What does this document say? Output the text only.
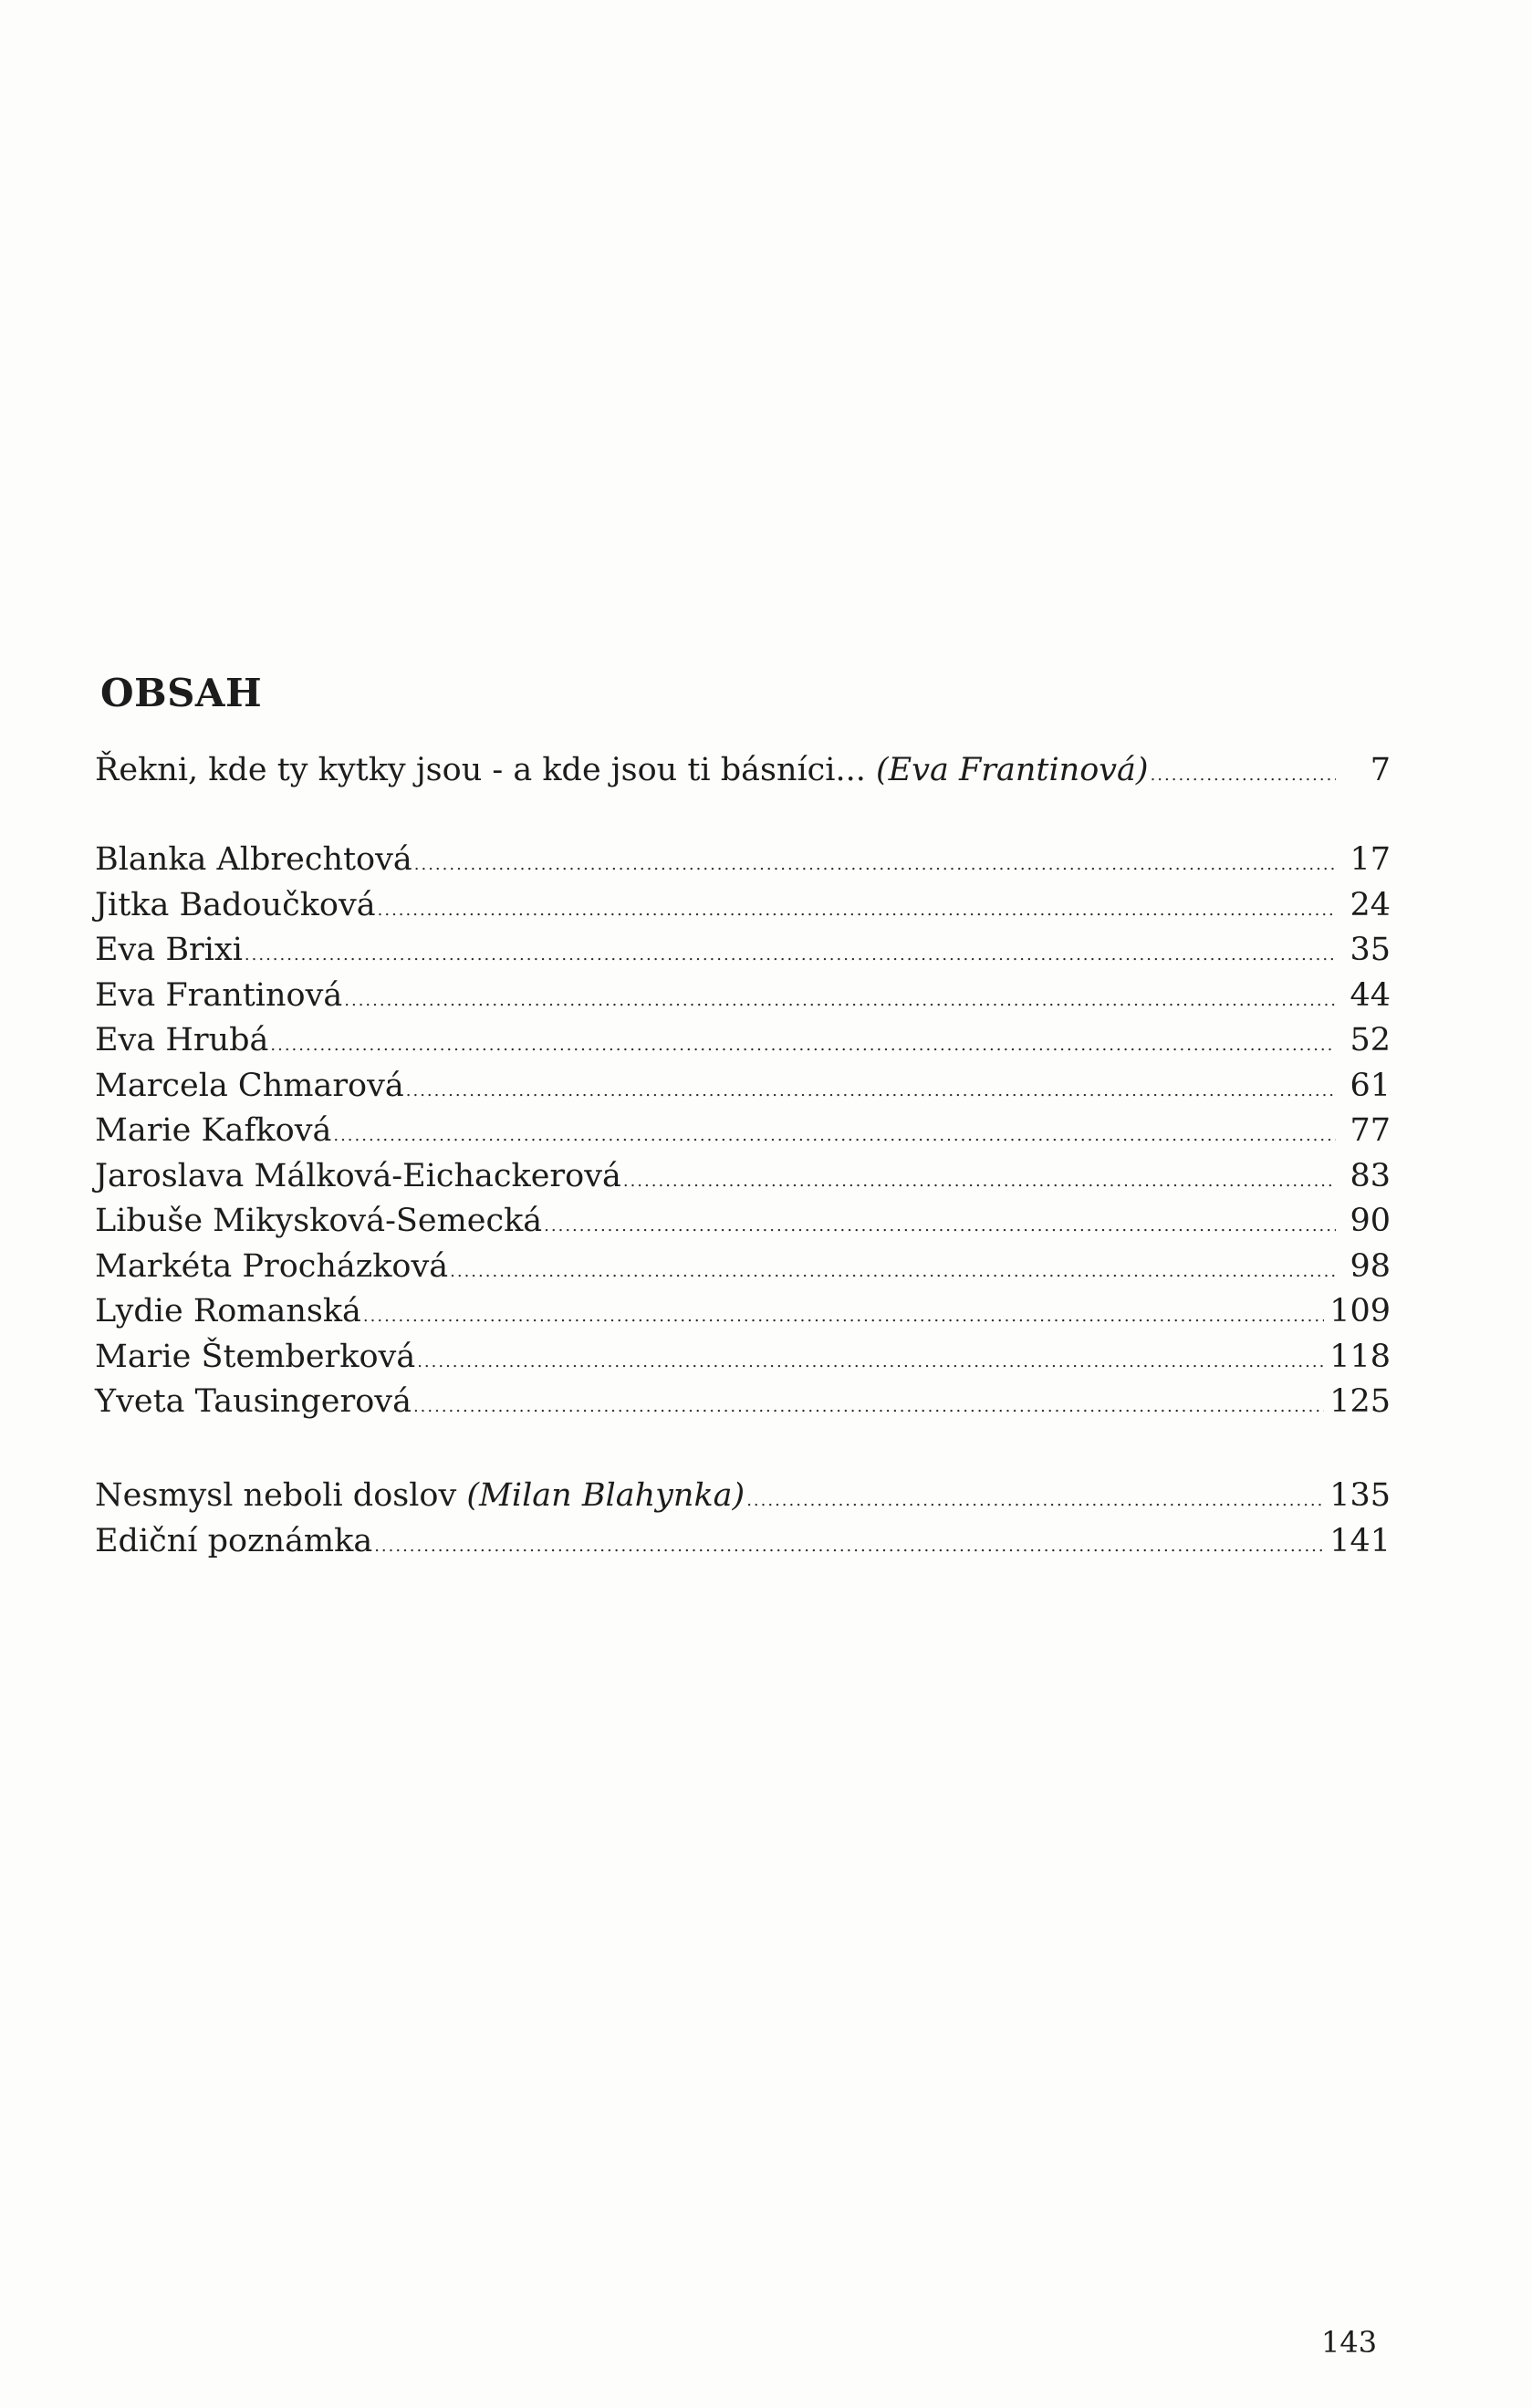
OBSAH
Řekni, kde ty kytky jsou - a kde jsou ti básníci... (Eva Frantinová) .....	7
Blanka Albrechtová .....	17
Jitka Badoučková .....	24
Eva Brixi .....	35
Eva Frantinová .....	44
Eva Hrubá .....	52
Marcela Chmarová .....	61
Marie Kafková .....	77
Jaroslava Málková-Eichackerová .....	83
Libuše Mikysková-Semecká .....	90
Markéta Procházková .....	98
Lydie Romanská .....	109
Marie Štemberková .....	118
Yveta Tausingerová .....	125
Nesmysl neboli doslov (Milan Blahynka) .....	135
Ediční poznámka .....	141

143
